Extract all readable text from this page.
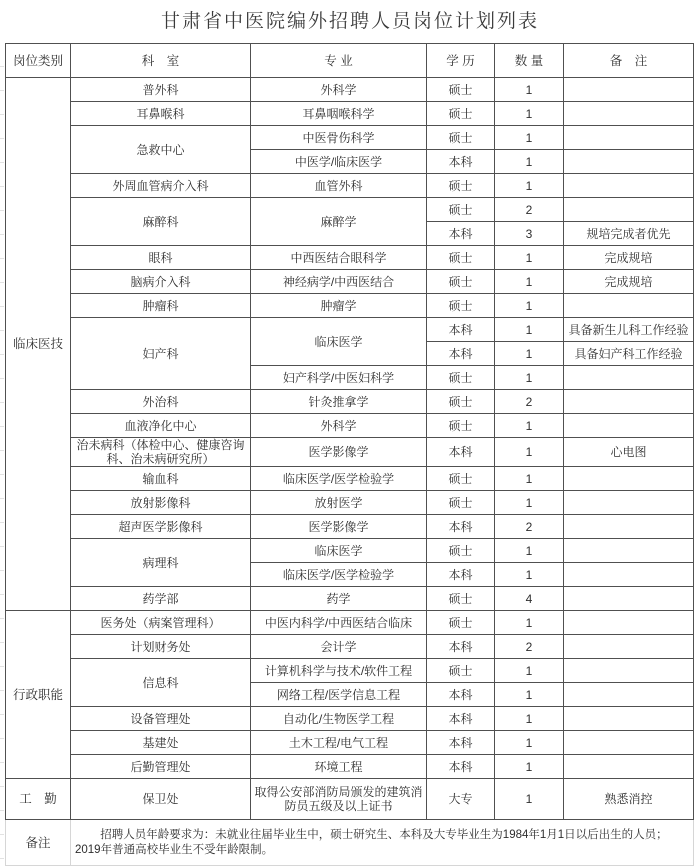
甘肃省中医院编外招聘人员岗位计划列表
岗位类别	科　室	专 业	学 历	数 量	备　注
临床医技	普外科	外科学	硕士	1	
	耳鼻喉科	耳鼻咽喉科学	硕士	1	
	急救中心	中医骨伤科学	硕士	1	
		中医学/临床医学	本科	1	
	外周血管病介入科	血管外科	硕士	1	
	麻醉科	麻醉学	硕士	2	
			本科	3	规培完成者优先
	眼科	中西医结合眼科学	硕士	1	完成规培
	脑病介入科	神经病学/中西医结合	硕士	1	完成规培
	肿瘤科	肿瘤学	硕士	1	
	妇产科	临床医学	本科	1	具备新生儿科工作经验
			本科	1	具备妇产科工作经验
		妇产科学/中医妇科学	硕士	1	
	外治科	针灸推拿学	硕士	2	
	血液净化中心	外科学	硕士	1	
	治未病科（体检中心、健康咨询科、治未病研究所）	医学影像学	本科	1	心电图
	输血科	临床医学/医学检验学	硕士	1	
	放射影像科	放射医学	硕士	1	
	超声医学影像科	医学影像学	本科	2	
	病理科	临床医学	硕士	1	
		临床医学/医学检验学	本科	1	
	药学部	药学	硕士	4	
行政职能	医务处（病案管理科）	中医内科学/中西医结合临床	硕士	1	
	计划财务处	会计学	本科	2	
	信息科	计算机科学与技术/软件工程	硕士	1	
		网络工程/医学信息工程	本科	1	
	设备管理处	自动化/生物医学工程	本科	1	
	基建处	土木工程/电气工程	本科	1	
	后勤管理处	环境工程	本科	1	
工　勤	保卫处	取得公安部消防局颁发的建筑消防员五级及以上证书	大专	1	熟悉消控
备注	招聘人员年龄要求为：未就业往届毕业生中，硕士研究生、本科及大专毕业生为1984年1月1日以后出生的人员；2019年普通高校毕业生不受年龄限制。				
